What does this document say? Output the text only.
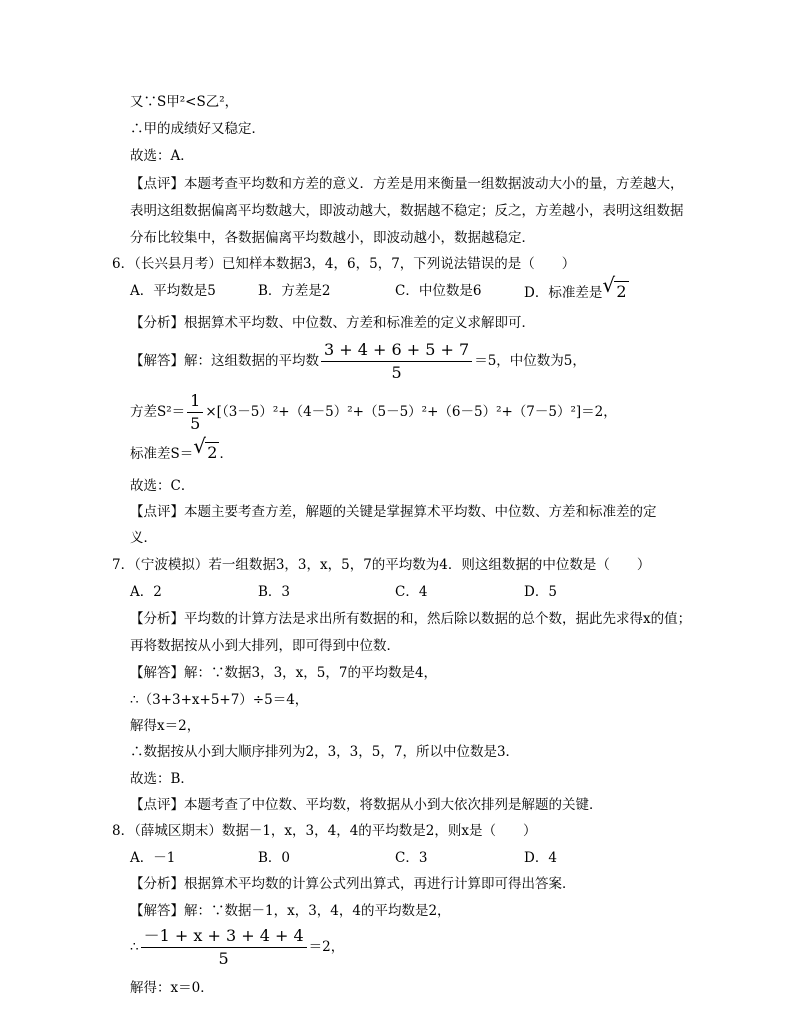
又∵S甲²<S乙²，
∴甲的成绩好又稳定．
故选：A．
【点评】本题考查平均数和方差的意义．方差是用来衡量一组数据波动大小的量，方差越大，
表明这组数据偏离平均数越大，即波动越大，数据越不稳定；反之，方差越小，表明这组数据
分布比较集中，各数据偏离平均数越小，即波动越小，数据越稳定．
6．（长兴县月考）已知样本数据3，4，6，5，7，下列说法错误的是（　　）
A．平均数是5	B．方差是2	C．中位数是6	D．标准差是 √ 2
【分析】根据算术平均数、中位数、方差和标准差的定义求解即可．
【解答】解：这组数据的平均数 $\frac{3 + 4 + 6 + 5 + 7}{5} =5$，中位数为5，
方差$S^2= \frac{1}{5} \times[(3-5)^2+(4-5)^2+(5-5)^2+(6-5)^2+(7-5)^2]=2$，
标准差S＝ √ 2 ．
故选：C．
【点评】本题主要考查方差，解题的关键是掌握算术平均数、中位数、方差和标准差的定
义．
7．（宁波模拟）若一组数据3，3，x，5，7的平均数为4．则这组数据的中位数是（　　）
A．2	B．3	C．4	D．5
【分析】平均数的计算方法是求出所有数据的和，然后除以数据的总个数，据此先求得x的值；
再将数据按从小到大排列，即可得到中位数．
【解答】解：∵数据3，3，x，5，7的平均数是4，
∴（3+3+x+5+7）÷5＝4，
解得x＝2，
∴数据按从小到大顺序排列为2，3，3，5，7，所以中位数是3．
故选：B．
【点评】本题考查了中位数、平均数，将数据从小到大依次排列是解题的关键．
8．（薛城区期末）数据－1，x，3，4，4的平均数是2，则x是（　　）
A．－1	B．0	C．3	D．4
【分析】根据算术平均数的计算公式列出算式，再进行计算即可得出答案．
【解答】解：∵数据－1，x，3，4，4的平均数是2，
∴ $\frac{-1 + x + 3 + 4 + 4}{5} =2$，
解得：x＝0．
